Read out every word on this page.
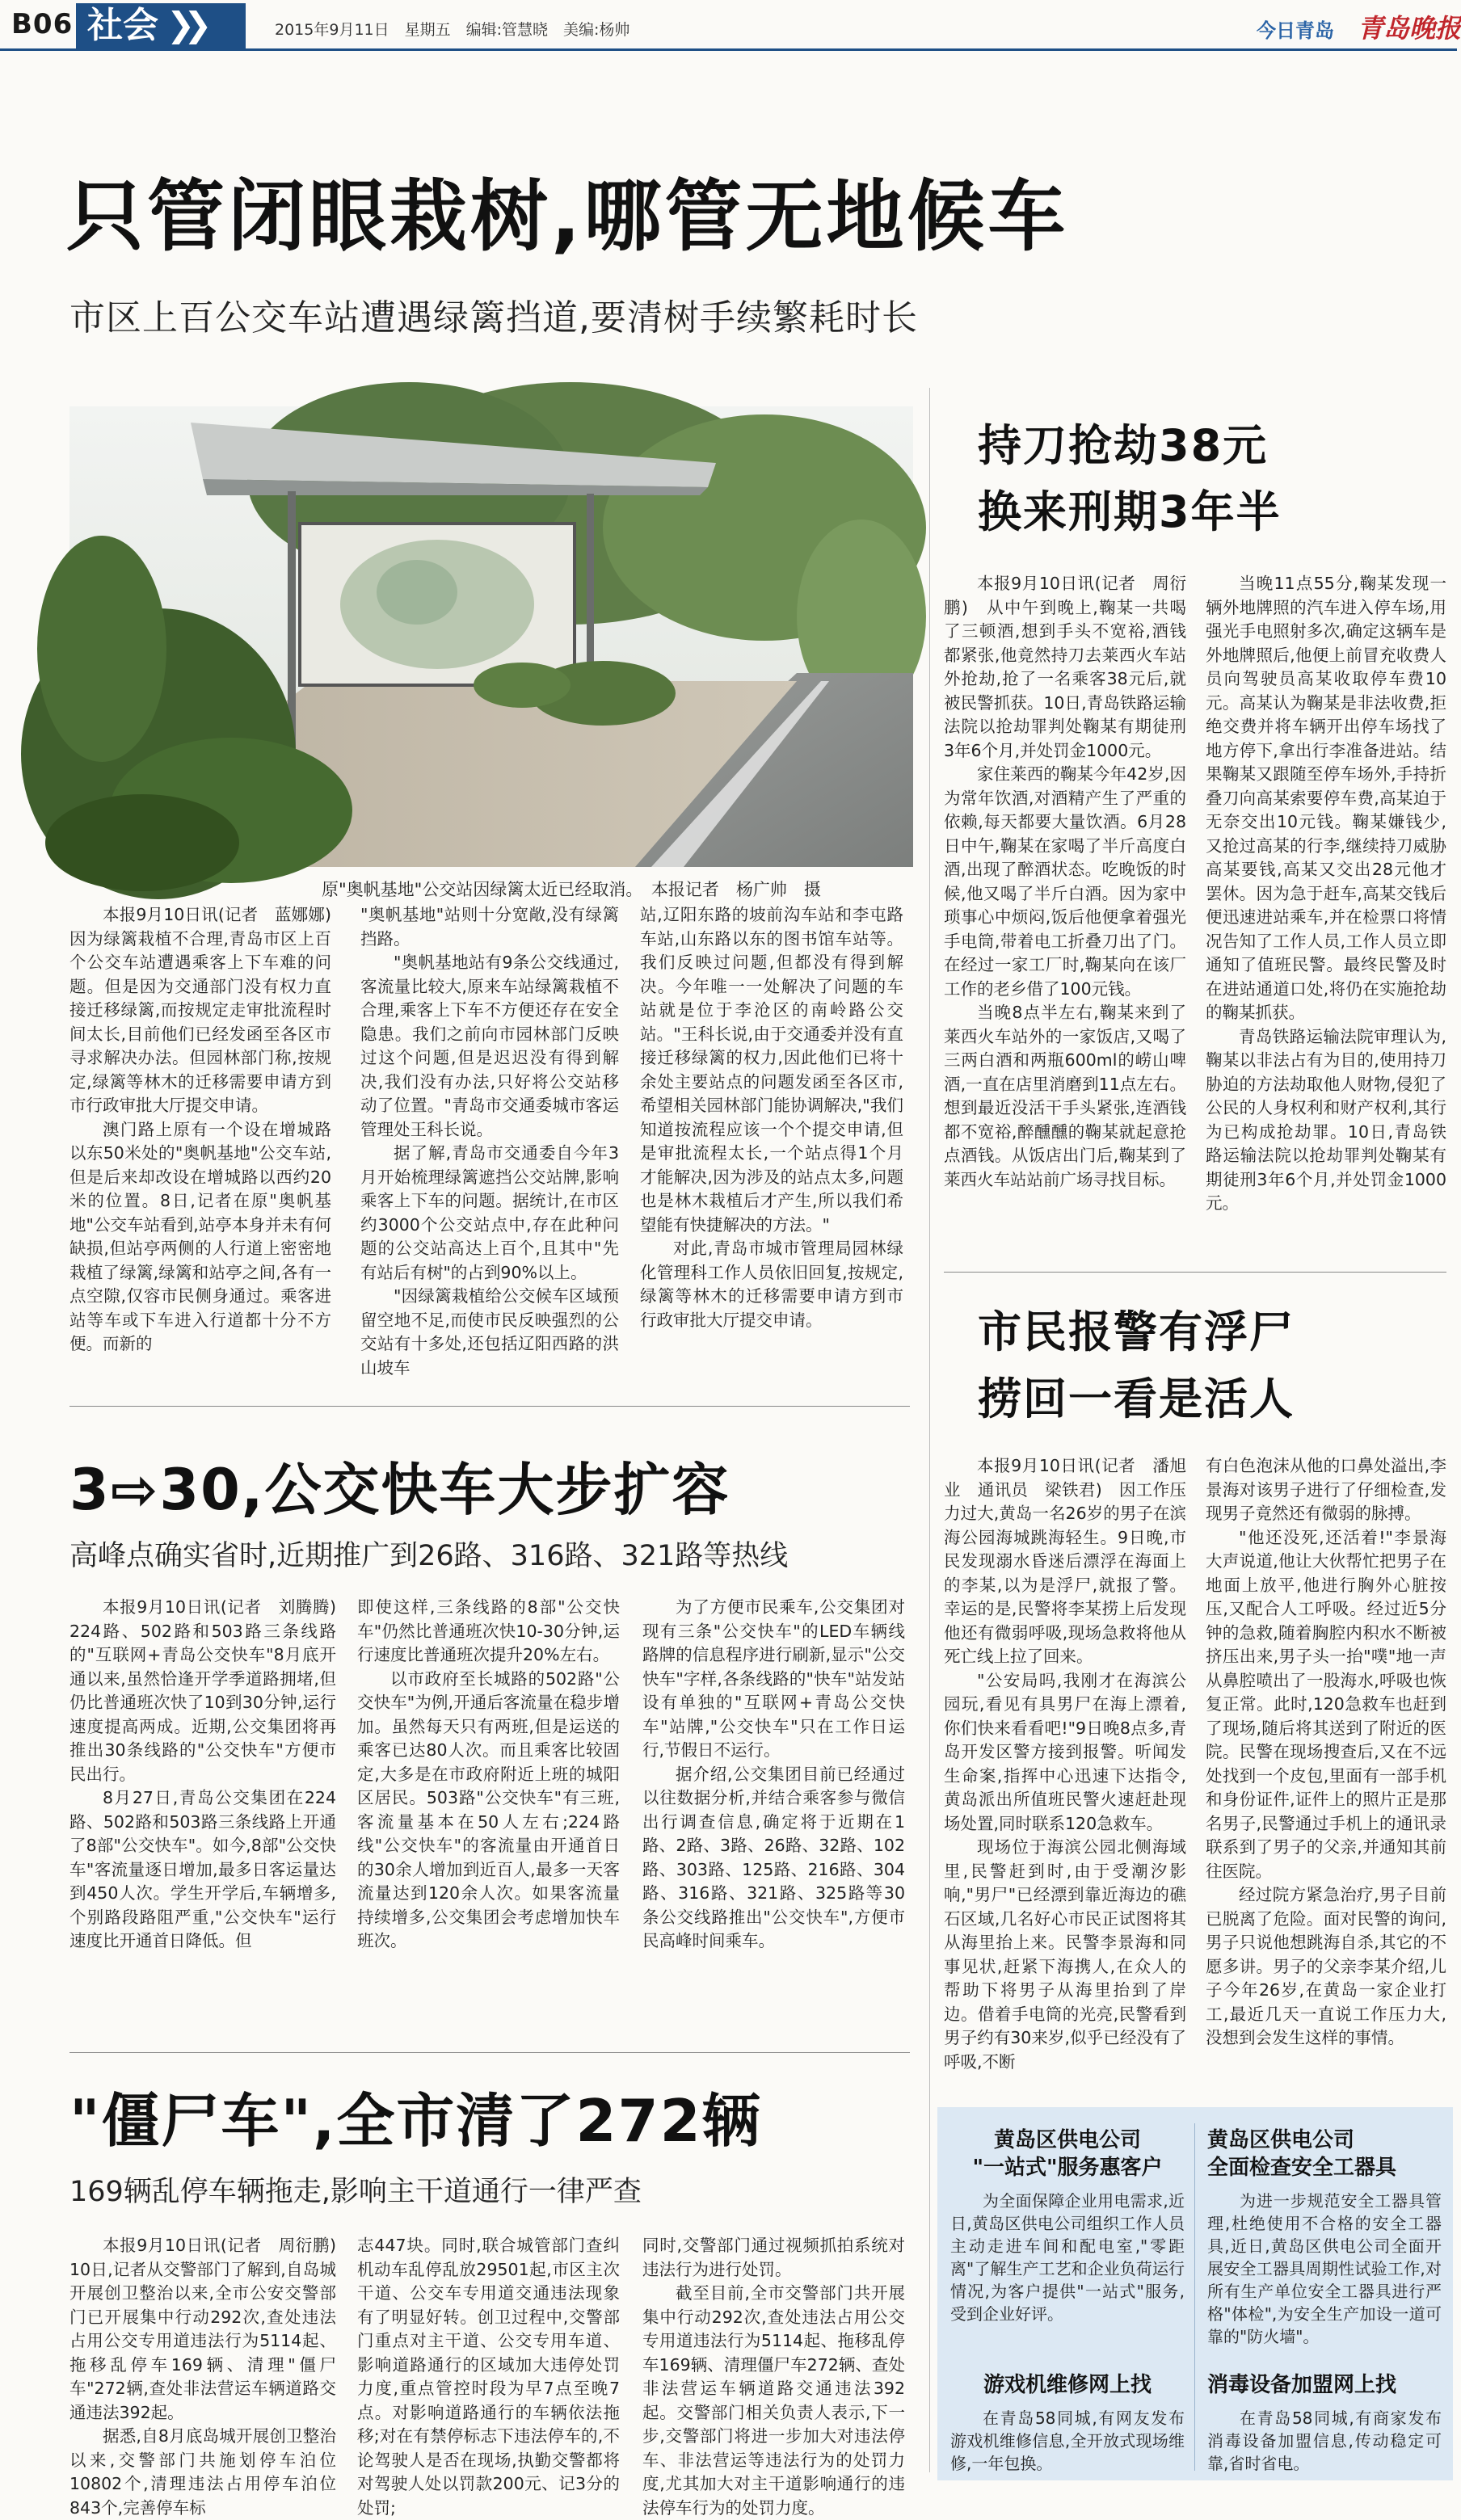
B06 社会 ❯❯	2015年9月11日　星期五　编辑:管慧晓　美编:杨帅	今日青岛 青岛晚报
只管闭眼栽树,哪管无地候车
市区上百公交车站遭遇绿篱挡道,要清树手续繁耗时长
原"奥帆基地"公交站因绿篱太近已经取消。　本报记者　杨广帅　摄

本报9月10日讯(记者　蓝娜娜)　因为绿篱栽植不合理,青岛市区上百个公交车站遭遇乘客上下车难的问题。但是因为交通部门没有权力直接迁移绿篱,而按规定走审批流程时间太长,目前他们已经发函至各区市寻求解决办法。但园林部门称,按规定,绿篱等林木的迁移需要申请方到市行政审批大厅提交申请。

澳门路上原有一个设在增城路以东50米处的"奥帆基地"公交车站,但是后来却改设在增城路以西约20米的位置。8日,记者在原"奥帆基地"公交车站看到,站亭本身并未有何缺损,但站亭两侧的人行道上密密地栽植了绿篱,绿篱和站亭之间,各有一点空隙,仅容市民侧身通过。乘客进站等车或下车进入行道都十分不方便。而新的

"奥帆基地"站则十分宽敞,没有绿篱挡路。

"奥帆基地站有9条公交线通过,客流量比较大,原来车站绿篱栽植不合理,乘客上下车不方便还存在安全隐患。我们之前向市园林部门反映过这个问题,但是迟迟没有得到解决,我们没有办法,只好将公交站移动了位置。"青岛市交通委城市客运管理处王科长说。

据了解,青岛市交通委自今年3月开始梳理绿篱遮挡公交站牌,影响乘客上下车的问题。据统计,在市区约3000个公交站点中,存在此种问题的公交站高达上百个,且其中"先有站后有树"的占到90%以上。

"因绿篱栽植给公交候车区域预留空地不足,而使市民反映强烈的公交站有十多处,还包括辽阳西路的洪山坡车

站,辽阳东路的坡前沟车站和李屯路车站,山东路以东的图书馆车站等。我们反映过问题,但都没有得到解决。今年唯一一处解决了问题的车站就是位于李沧区的南岭路公交站。"王科长说,由于交通委并没有直接迁移绿篱的权力,因此他们已将十余处主要站点的问题发函至各区市,希望相关园林部门能协调解决,"我们知道按流程应该一个个提交申请,但是审批流程太长,一个站点得1个月才能解决,因为涉及的站点太多,问题也是林木栽植后才产生,所以我们希望能有快捷解决的方法。"

对此,青岛市城市管理局园林绿化管理科工作人员依旧回复,按规定,绿篱等林木的迁移需要申请方到市行政审批大厅提交申请。

3⇨30,公交快车大步扩容
高峰点确实省时,近期推广到26路、316路、321路等热线

本报9月10日讯(记者　刘腾腾)　224路、502路和503路三条线路的"互联网+青岛公交快车"8月底开通以来,虽然恰逢开学季道路拥堵,但仍比普通班次快了10到30分钟,运行速度提高两成。近期,公交集团将再推出30条线路的"公交快车"方便市民出行。

8月27日,青岛公交集团在224路、502路和503路三条线路上开通了8部"公交快车"。如今,8部"公交快车"客流量逐日增加,最多日客运量达到450人次。学生开学后,车辆增多,个别路段路阻严重,"公交快车"运行速度比开通首日降低。但

即使这样,三条线路的8部"公交快车"仍然比普通班次快10-30分钟,运行速度比普通班次提升20%左右。

以市政府至长城路的502路"公交快车"为例,开通后客流量在稳步增加。虽然每天只有两班,但是运送的乘客已达80人次。而且乘客比较固定,大多是在市政府附近上班的城阳区居民。503路"公交快车"有三班,客流量基本在50人左右;224路线"公交快车"的客流量由开通首日的30余人增加到近百人,最多一天客流量达到120余人次。如果客流量持续增多,公交集团会考虑增加快车班次。

为了方便市民乘车,公交集团对现有三条"公交快车"的LED车辆线路牌的信息程序进行刷新,显示"公交快车"字样,各条线路的"快车"站发站设有单独的"互联网+青岛公交快车"站牌,"公交快车"只在工作日运行,节假日不运行。

据介绍,公交集团目前已经通过以往数据分析,并结合乘客参与微信出行调查信息,确定将于近期在1路、2路、3路、26路、32路、102路、303路、125路、216路、304路、316路、321路、325路等30条公交线路推出"公交快车",方便市民高峰时间乘车。

"僵尸车",全市清了272辆
169辆乱停车辆拖走,影响主干道通行一律严查

本报9月10日讯(记者　周衍鹏)　10日,记者从交警部门了解到,自岛城开展创卫整治以来,全市公安交警部门已开展集中行动292次,查处违法占用公交专用道违法行为5114起、拖移乱停车169辆、清理"僵尸车"272辆,查处非法营运车辆道路交通违法392起。

据悉,自8月底岛城开展创卫整治以来,交警部门共施划停车泊位10802个,清理违法占用停车泊位843个,完善停车标

志447块。同时,联合城管部门查纠机动车乱停乱放29501起,市区主次干道、公交车专用道交通违法现象有了明显好转。创卫过程中,交警部门重点对主干道、公交专用车道、影响道路通行的区域加大违停处罚力度,重点管控时段为早7点至晚7点。对影响道路通行的车辆依法拖移;对在有禁停标志下违法停车的,不论驾驶人是否在现场,执勤交警都将对驾驶人处以罚款200元、记3分的处罚;

同时,交警部门通过视频抓拍系统对违法行为进行处罚。

截至目前,全市交警部门共开展集中行动292次,查处违法占用公交专用道违法行为5114起、拖移乱停车169辆、清理僵尸车272辆、查处非法营运车辆道路交通违法392起。交警部门相关负责人表示,下一步,交警部门将进一步加大对违法停车、非法营运等违法行为的处罚力度,尤其加大对主干道影响通行的违法停车行为的处罚力度。

持刀抢劫38元
换来刑期3年半

本报9月10日讯(记者　周衍鹏)　从中午到晚上,鞠某一共喝了三顿酒,想到手头不宽裕,酒钱都紧张,他竟然持刀去莱西火车站外抢劫,抢了一名乘客38元后,就被民警抓获。10日,青岛铁路运输法院以抢劫罪判处鞠某有期徒刑3年6个月,并处罚金1000元。

家住莱西的鞠某今年42岁,因为常年饮酒,对酒精产生了严重的依赖,每天都要大量饮酒。6月28日中午,鞠某在家喝了半斤高度白酒,出现了醉酒状态。吃晚饭的时候,他又喝了半斤白酒。因为家中琐事心中烦闷,饭后他便拿着强光手电筒,带着电工折叠刀出了门。在经过一家工厂时,鞠某向在该厂工作的老乡借了100元钱。

当晚8点半左右,鞠某来到了莱西火车站外的一家饭店,又喝了三两白酒和两瓶600ml的崂山啤酒,一直在店里消磨到11点左右。想到最近没活干手头紧张,连酒钱都不宽裕,醉醺醺的鞠某就起意抢点酒钱。从饭店出门后,鞠某到了莱西火车站站前广场寻找目标。

当晚11点55分,鞠某发现一辆外地牌照的汽车进入停车场,用强光手电照射多次,确定这辆车是外地牌照后,他便上前冒充收费人员向驾驶员高某收取停车费10元。高某认为鞠某是非法收费,拒绝交费并将车辆开出停车场找了地方停下,拿出行李准备进站。结果鞠某又跟随至停车场外,手持折叠刀向高某索要停车费,高某迫于无奈交出10元钱。鞠某嫌钱少,又抢过高某的行李,继续持刀威胁高某要钱,高某又交出28元他才罢休。因为急于赶车,高某交钱后便迅速进站乘车,并在检票口将情况告知了工作人员,工作人员立即通知了值班民警。最终民警及时在进站通道口处,将仍在实施抢劫的鞠某抓获。

青岛铁路运输法院审理认为,鞠某以非法占有为目的,使用持刀胁迫的方法劫取他人财物,侵犯了公民的人身权利和财产权利,其行为已构成抢劫罪。10日,青岛铁路运输法院以抢劫罪判处鞠某有期徒刑3年6个月,并处罚金1000元。

市民报警有浮尸
捞回一看是活人

本报9月10日讯(记者　潘旭业　通讯员　梁铁君)　因工作压力过大,黄岛一名26岁的男子在滨海公园海城跳海轻生。9日晚,市民发现溺水昏迷后漂浮在海面上的李某,以为是浮尸,就报了警。幸运的是,民警将李某捞上后发现他还有微弱呼吸,现场急救将他从死亡线上拉了回来。

"公安局吗,我刚才在海滨公园玩,看见有具男尸在海上漂着,你们快来看看吧!"9日晚8点多,青岛开发区警方接到报警。听闻发生命案,指挥中心迅速下达指令,黄岛派出所值班民警火速赶赴现场处置,同时联系120急救车。

现场位于海滨公园北侧海域里,民警赶到时,由于受潮汐影响,"男尸"已经漂到靠近海边的礁石区域,几名好心市民正试图将其从海里抬上来。民警李景海和同事见状,赶紧下海携人,在众人的帮助下将男子从海里抬到了岸边。借着手电筒的光亮,民警看到男子约有30来岁,似乎已经没有了呼吸,不断

有白色泡沫从他的口鼻处溢出,李景海对该男子进行了仔细检查,发现男子竟然还有微弱的脉搏。

"他还没死,还活着!"李景海大声说道,他让大伙帮忙把男子在地面上放平,他进行胸外心脏按压,又配合人工呼吸。经过近5分钟的急救,随着胸腔内积水不断被挤压出来,男子头一抬"噗"地一声从鼻腔喷出了一股海水,呼吸也恢复正常。此时,120急救车也赶到了现场,随后将其送到了附近的医院。民警在现场搜查后,又在不远处找到一个皮包,里面有一部手机和身份证件,证件上的照片正是那名男子,民警通过手机上的通讯录联系到了男子的父亲,并通知其前往医院。

经过院方紧急治疗,男子目前已脱离了危险。面对民警的询问,男子只说他想跳海自杀,其它的不愿多讲。男子的父亲李某介绍,儿子今年26岁,在黄岛一家企业打工,最近几天一直说工作压力大,没想到会发生这样的事情。

黄岛区供电公司
"一站式"服务惠客户
为全面保障企业用电需求,近日,黄岛区供电公司组织工作人员主动走进车间和配电室,"零距离"了解生产工艺和企业负荷运行情况,为客户提供"一站式"服务,受到企业好评。
黄岛区供电公司
全面检查安全工器具
为进一步规范安全工器具管理,杜绝使用不合格的安全工器具,近日,黄岛区供电公司全面开展安全工器具周期性试验工作,对所有生产单位安全工器具进行严格"体检",为安全生产加设一道可靠的"防火墙"。
游戏机维修网上找
在青岛58同城,有网友发布游戏机维修信息,全开放式现场维修,一年包换。
消毒设备加盟网上找
在青岛58同城,有商家发布消毒设备加盟信息,传动稳定可靠,省时省电。
